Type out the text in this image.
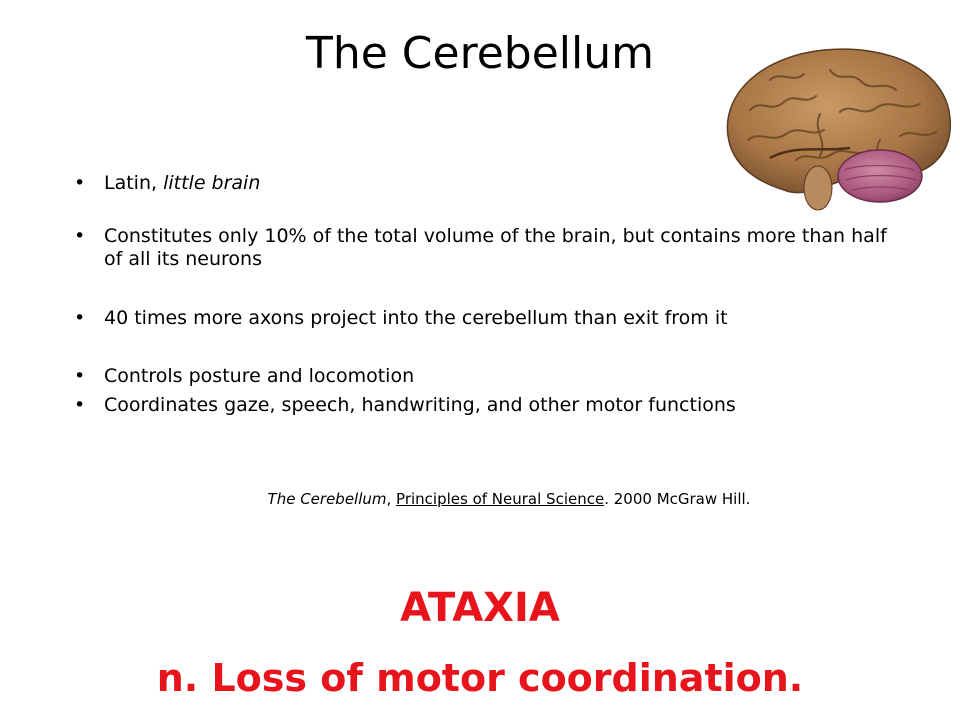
The Cerebellum
• Latin, little brain
• Constitutes only 10% of the total volume of the brain, but contains more than half of all its neurons
• 40 times more axons project into the cerebellum than exit from it
• Controls posture and locomotion
• Coordinates gaze, speech, handwriting, and other motor functions
The Cerebellum, Principles of Neural Science. 2000 McGraw Hill.
ATAXIA
n. Loss of motor coordination.
